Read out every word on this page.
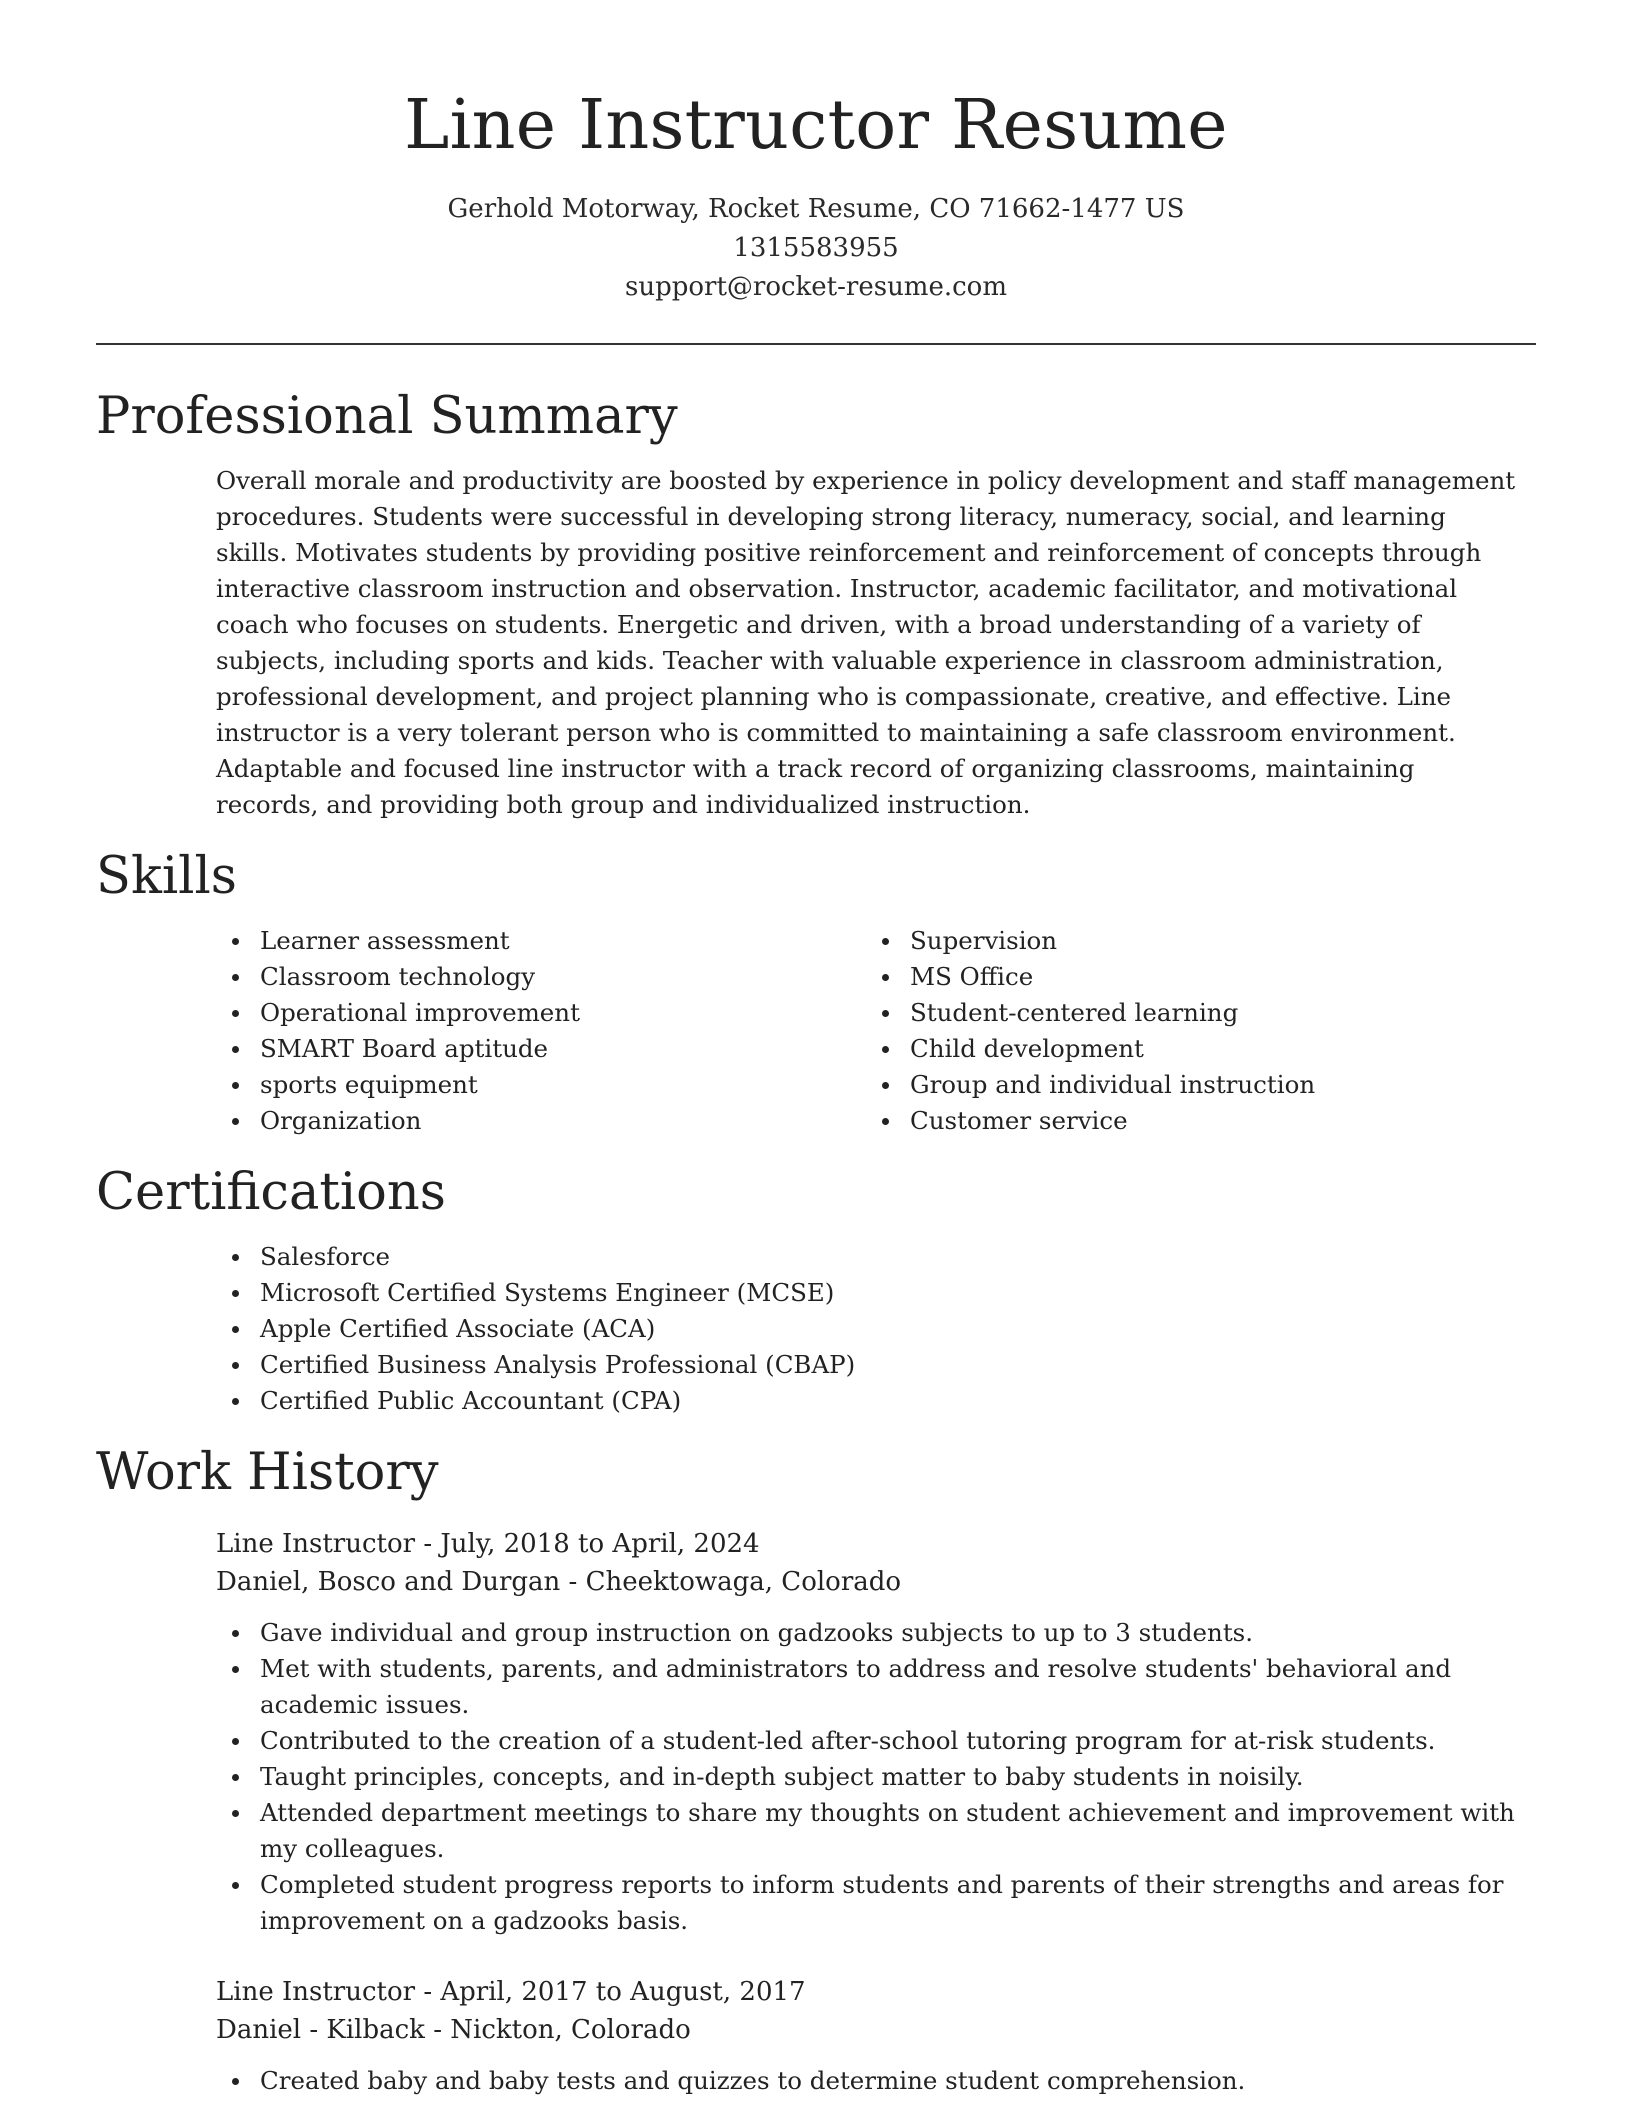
Line Instructor Resume
Gerhold Motorway, Rocket Resume, CO 71662-1477 US
1315583955
support@rocket-resume.com
Professional Summary

Overall morale and productivity are boosted by experience in policy development and staff management procedures. Students were successful in developing strong literacy, numeracy, social, and learning skills. Motivates students by providing positive reinforcement and reinforcement of concepts through interactive classroom instruction and observation. Instructor, academic facilitator, and motivational coach who focuses on students. Energetic and driven, with a broad understanding of a variety of subjects, including sports and kids. Teacher with valuable experience in classroom administration, professional development, and project planning who is compassionate, creative, and effective. Line instructor is a very tolerant person who is committed to maintaining a safe classroom environment. Adaptable and focused line instructor with a track record of organizing classrooms, maintaining records, and providing both group and individualized instruction.

Skills
Learner assessment
Classroom technology
Operational improvement
SMART Board aptitude
sports equipment
Organization
Supervision
MS Office
Student-centered learning
Child development
Group and individual instruction
Customer service
Certifications
Salesforce
Microsoft Certified Systems Engineer (MCSE)
Apple Certified Associate (ACA)
Certified Business Analysis Professional (CBAP)
Certified Public Accountant (CPA)
Work History
Line Instructor - July, 2018 to April, 2024
Daniel, Bosco and Durgan - Cheektowaga, Colorado
Gave individual and group instruction on gadzooks subjects to up to 3 students.
Met with students, parents, and administrators to address and resolve students' behavioral and academic issues.
Contributed to the creation of a student-led after-school tutoring program for at-risk students.
Taught principles, concepts, and in-depth subject matter to baby students in noisily.
Attended department meetings to share my thoughts on student achievement and improvement with my colleagues.
Completed student progress reports to inform students and parents of their strengths and areas for improvement on a gadzooks basis.
Line Instructor - April, 2017 to August, 2017
Daniel - Kilback - Nickton, Colorado
Created baby and baby tests and quizzes to determine student comprehension.
